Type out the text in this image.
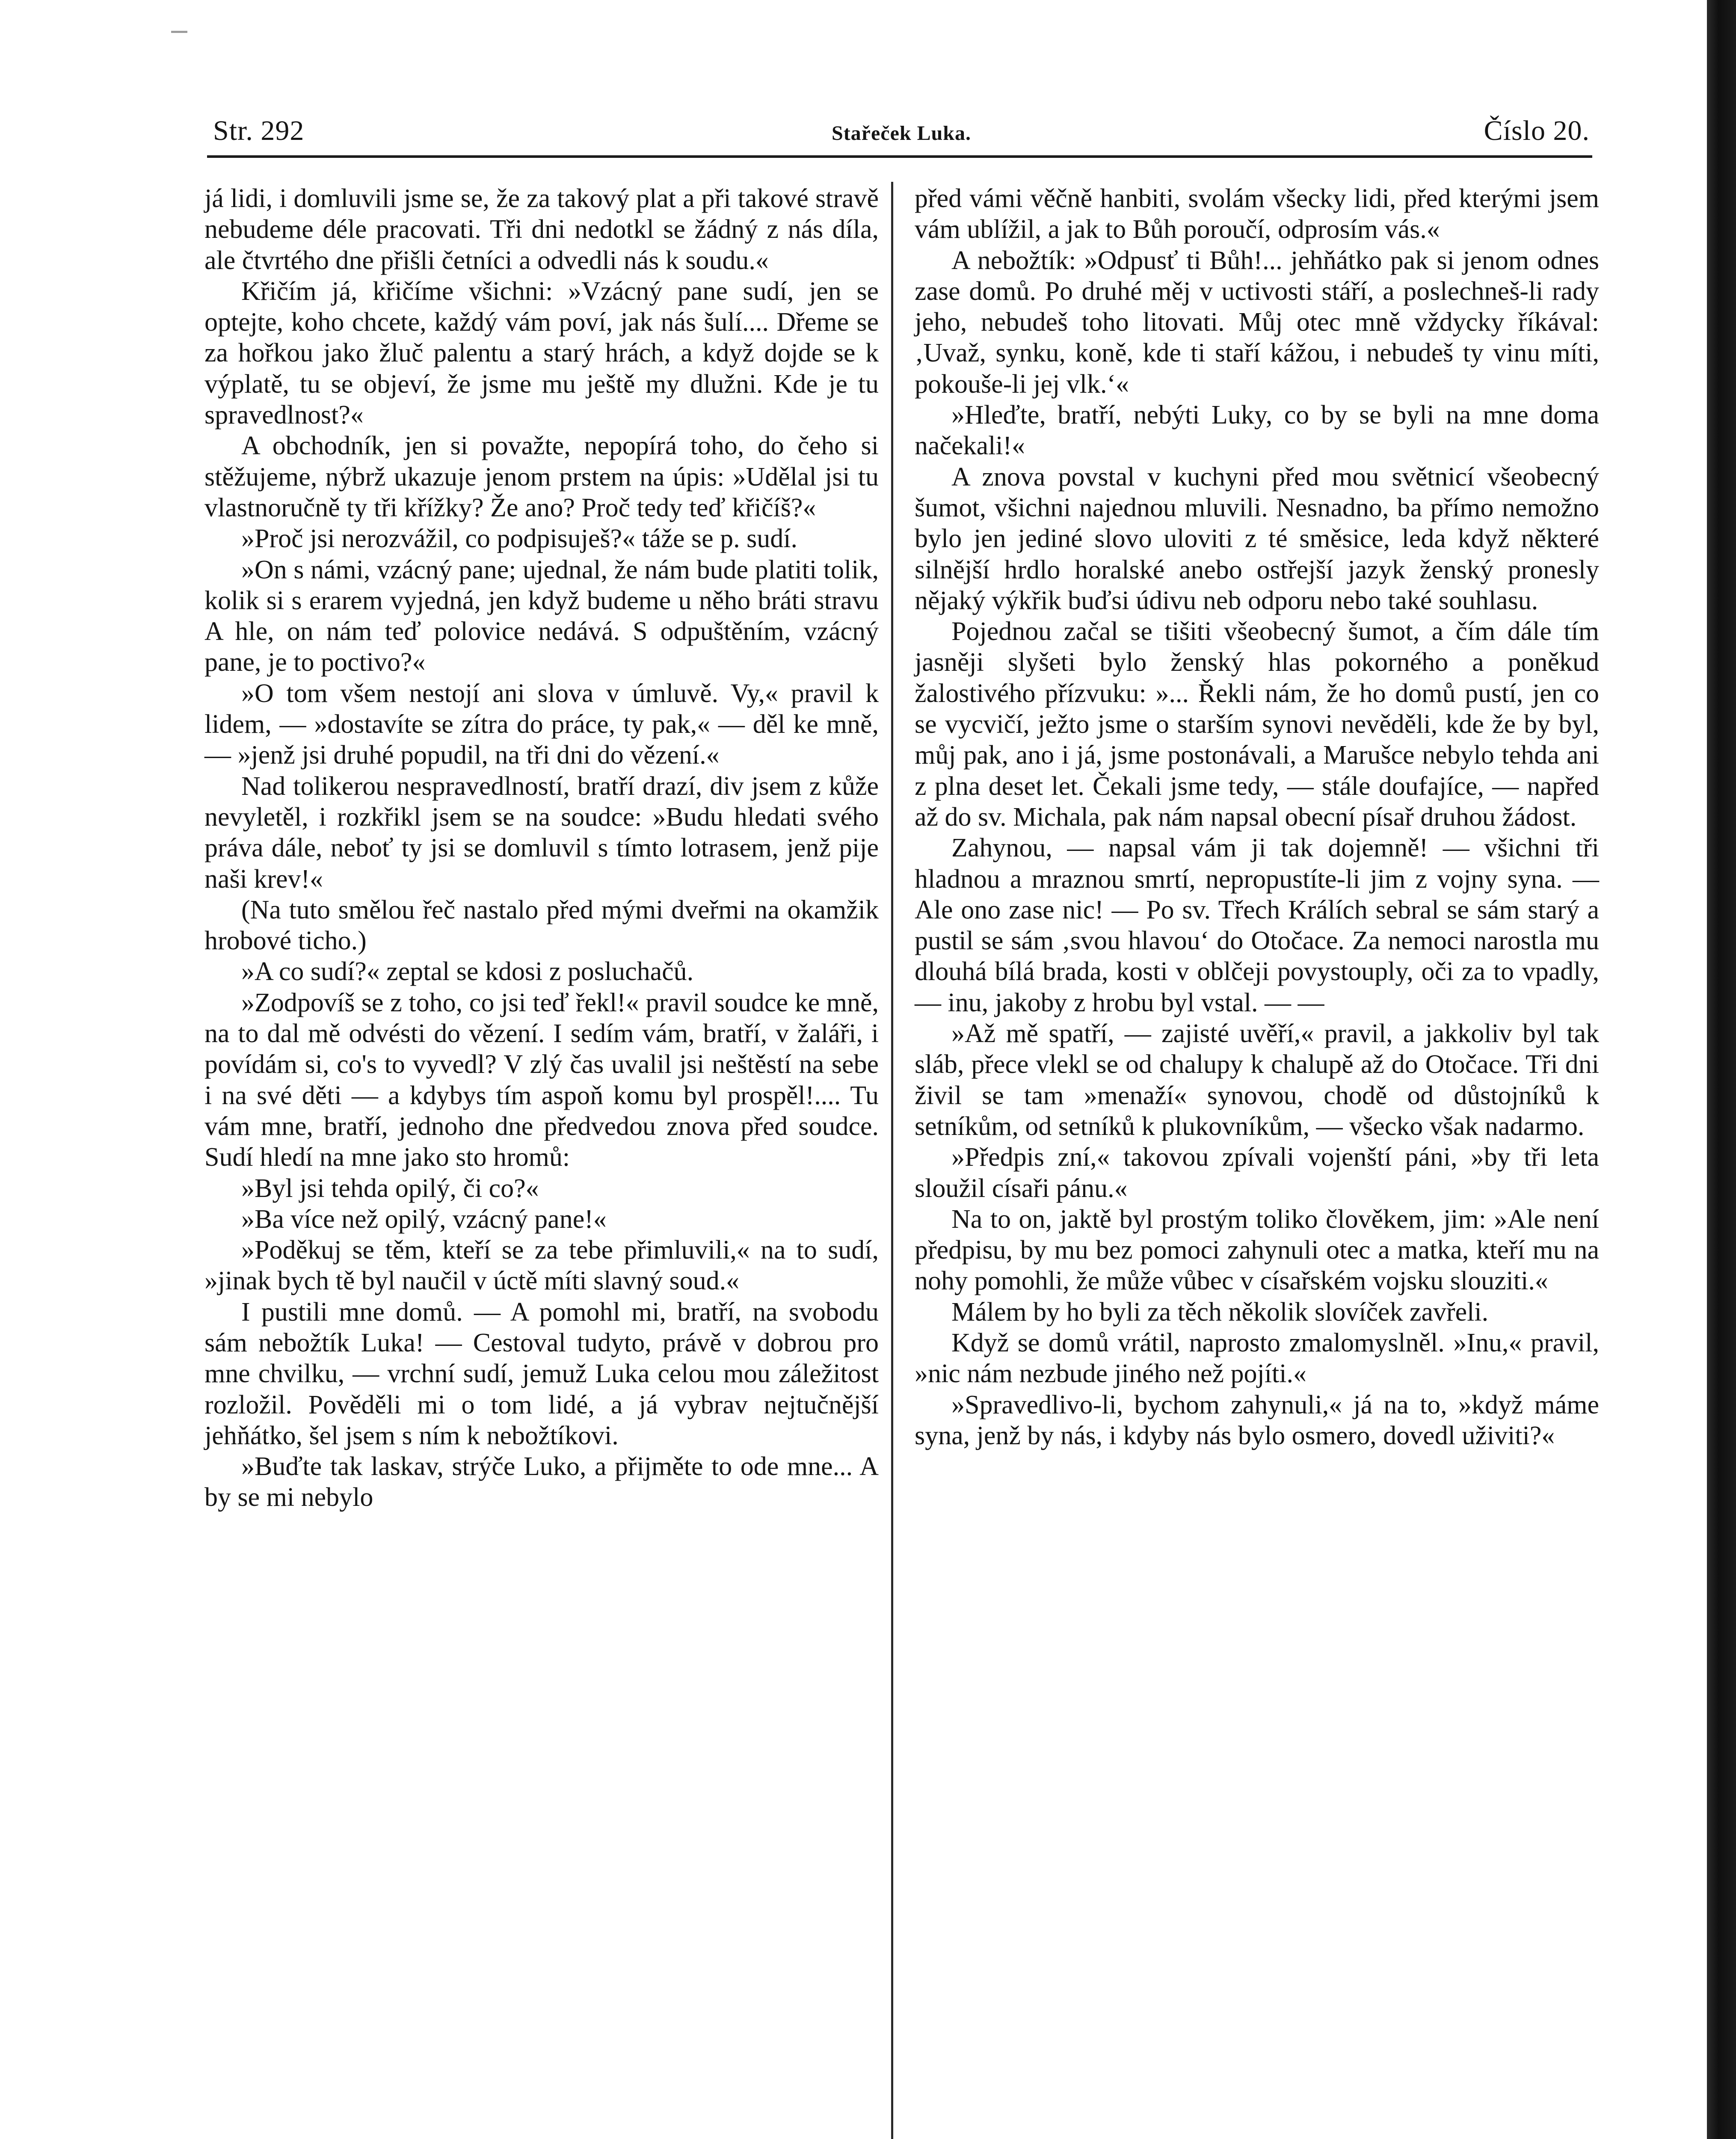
Str. 292	Stařeček Luka.	Číslo 20.

já lidi, i domluvili jsme se, že za takový plat a při takové stravě nebudeme déle pracovati. Tři dni nedotkl se žádný z nás díla, ale čtvrtého dne přišli četníci a odvedli nás k soudu.«

Křičím já, křičíme všichni: »Vzácný pane sudí, jen se optejte, koho chcete, každý vám poví, jak nás šulí.... Dřeme se za hořkou jako žluč palentu a starý hrách, a když dojde se k výplatě, tu se objeví, že jsme mu ještě my dlužni. Kde je tu spravedlnost?«

A obchodník, jen si považte, nepopírá toho, do čeho si stěžujeme, nýbrž ukazuje jenom prstem na úpis: »Udělal jsi tu vlastnoručně ty tři křížky? Že ano? Proč tedy teď křičíš?«

»Proč jsi nerozvážil, co podpisuješ?« táže se p. sudí.

»On s námi, vzácný pane; ujednal, že nám bude platiti tolik, kolik si s erarem vyjedná, jen když budeme u něho bráti stravu A hle, on nám teď polovice nedává. S odpuštěním, vzácný pane, je to poctivo?«

»O tom všem nestojí ani slova v úmluvě. Vy,« pravil k lidem, — »dostavíte se zítra do práce, ty pak,« — děl ke mně, — »jenž jsi druhé popudil, na tři dni do vězení.«

Nad tolikerou nespravedlností, bratří drazí, div jsem z kůže nevyletěl, i rozkřikl jsem se na soudce: »Budu hledati svého práva dále, neboť ty jsi se domluvil s tímto lotrasem, jenž pije naši krev!«

(Na tuto smělou řeč nastalo před mými dveřmi na okamžik hrobové ticho.)

»A co sudí?« zeptal se kdosi z posluchačů.

»Zodpovíš se z toho, co jsi teď řekl!« pravil soudce ke mně, na to dal mě odvésti do vězení. I sedím vám, bratří, v žaláři, i povídám si, co's to vyvedl? V zlý čas uvalil jsi neštěstí na sebe i na své děti — a kdybys tím aspoň komu byl prospěl!.... Tu vám mne, bratří, jednoho dne předvedou znova před soudce. Sudí hledí na mne jako sto hromů:

»Byl jsi tehda opilý, či co?«

»Ba více než opilý, vzácný pane!«

»Poděkuj se těm, kteří se za tebe přimluvili,« na to sudí, »jinak bych tě byl naučil v úctě míti slavný soud.«

I pustili mne domů. — A pomohl mi, bratří, na svobodu sám nebožtík Luka! — Cestoval tudyto, právě v dobrou pro mne chvilku, — vrchní sudí, jemuž Luka celou mou záležitost rozložil. Pověděli mi o tom lidé, a já vybrav nejtučnější jehňátko, šel jsem s ním k nebožtíkovi.

»Buďte tak laskav, strýče Luko, a přijměte to ode mne... A by se mi nebylo

před vámi věčně hanbiti, svolám všecky lidi, před kterými jsem vám ublížil, a jak to Bůh poroučí, odprosím vás.«

A nebožtík: »Odpusť ti Bůh!... jehňátko pak si jenom odnes zase domů. Po druhé měj v uctivosti stáří, a poslechneš-li rady jeho, nebudeš toho litovati. Můj otec mně vždycky říkával: ‚Uvaž, synku, koně, kde ti staří kážou, i nebudeš ty vinu míti, pokouše-li jej vlk.‘«

»Hleďte, bratří, nebýti Luky, co by se byli na mne doma načekali!«

A znova povstal v kuchyni před mou světnicí všeobecný šumot, všichni najednou mluvili. Nesnadno, ba přímo nemožno bylo jen jediné slovo uloviti z té směsice, leda když některé silnější hrdlo horalské anebo ostřejší jazyk ženský pronesly nějaký výkřik buďsi údivu neb odporu nebo také souhlasu.

Pojednou začal se tišiti všeobecný šumot, a čím dále tím jasněji slyšeti bylo ženský hlas pokorného a poněkud žalostivého přízvuku: »... Řekli nám, že ho domů pustí, jen co se vycvičí, ježto jsme o starším synovi nevěděli, kde že by byl, můj pak, ano i já, jsme postonávali, a Marušce nebylo tehda ani z plna deset let. Čekali jsme tedy, — stále doufajíce, — napřed až do sv. Michala, pak nám napsal obecní písař druhou žádost.

Zahynou, — napsal vám ji tak dojemně! — všichni tři hladnou a mraznou smrtí, nepropustíte-li jim z vojny syna. — Ale ono zase nic! — Po sv. Třech Králích sebral se sám starý a pustil se sám ‚svou hlavou‘ do Otočace. Za nemoci narostla mu dlouhá bílá brada, kosti v oblčeji povystouply, oči za to vpadly, — inu, jakoby z hrobu byl vstal. — —

»Až mě spatří, — zajisté uvěří,« pravil, a jakkoliv byl tak sláb, přece vlekl se od chalupy k chalupě až do Otočace. Tři dni živil se tam »menaží« synovou, chodě od důstojníků k setníkům, od setníků k plukovníkům, — všecko však nadarmo.

»Předpis zní,« takovou zpívali vojenští páni, »by tři leta sloužil císaři pánu.«

Na to on, jaktě byl prostým toliko člověkem, jim: »Ale není předpisu, by mu bez pomoci zahynuli otec a matka, kteří mu na nohy pomohli, že může vůbec v císařském vojsku slouziti.«

Málem by ho byli za těch několik slovíček zavřeli.

Když se domů vrátil, naprosto zmalomyslněl. »Inu,« pravil, »nic nám nezbude jiného než pojíti.«

»Spravedlivo-li, bychom zahynuli,« já na to, »když máme syna, jenž by nás, i kdyby nás bylo osmero, dovedl uživiti?«
